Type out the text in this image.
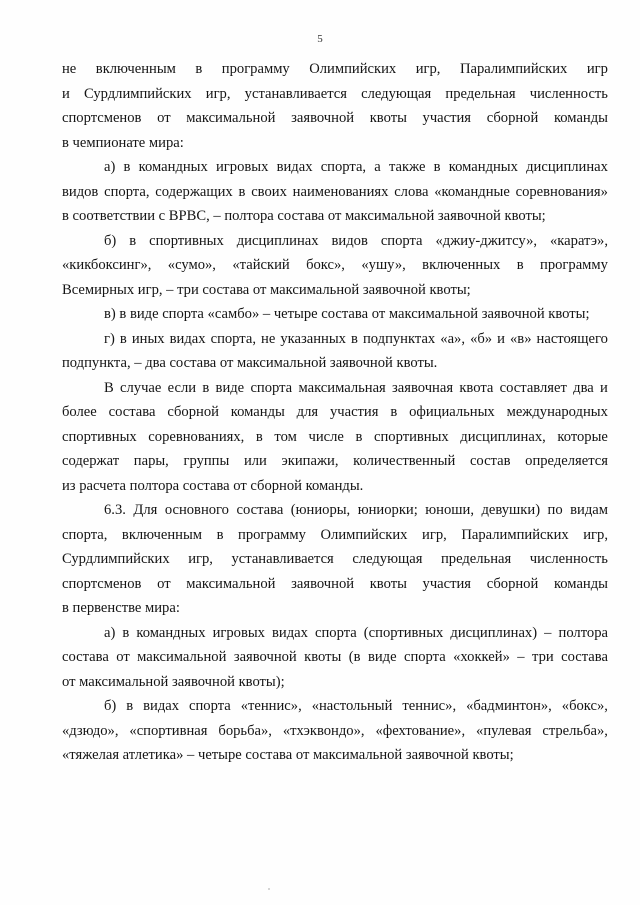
5
не включенным в программу Олимпийских игр, Паралимпийских игр
и Сурдлимпийских игр, устанавливается следующая предельная численность
спортсменов от максимальной заявочной квоты участия сборной команды
в чемпионате мира:
а) в командных игровых видах спорта, а также в командных дисциплинах
видов спорта, содержащих в своих наименованиях слова «командные соревнования»
в соответствии с ВРВС, – полтора состава от максимальной заявочной квоты;
б) в спортивных дисциплинах видов спорта «джиу-джитсу», «каратэ»,
«кикбоксинг», «сумо», «тайский бокс», «ушу», включенных в программу
Всемирных игр, – три состава от максимальной заявочной квоты;
в) в виде спорта «самбо» – четыре состава от максимальной заявочной квоты;
г) в иных видах спорта, не указанных в подпунктах «а», «б» и «в» настоящего
подпункта, – два состава от максимальной заявочной квоты.
В случае если в виде спорта максимальная заявочная квота составляет два и
более состава сборной команды для участия в официальных международных
спортивных соревнованиях, в том числе в спортивных дисциплинах, которые
содержат пары, группы или экипажи, количественный состав определяется
из расчета полтора состава от сборной команды.
6.3. Для основного состава (юниоры, юниорки; юноши, девушки) по видам
спорта, включенным в программу Олимпийских игр, Паралимпийских игр,
Сурдлимпийских игр, устанавливается следующая предельная численность
спортсменов от максимальной заявочной квоты участия сборной команды
в первенстве мира:
а) в командных игровых видах спорта (спортивных дисциплинах) – полтора
состава от максимальной заявочной квоты (в виде спорта «хоккей» – три состава
от максимальной заявочной квоты);
б) в видах спорта «теннис», «настольный теннис», «бадминтон», «бокс»,
«дзюдо», «спортивная борьба», «тхэквондо», «фехтование», «пулевая стрельба»,
«тяжелая атлетика» – четыре состава от максимальной заявочной квоты;
